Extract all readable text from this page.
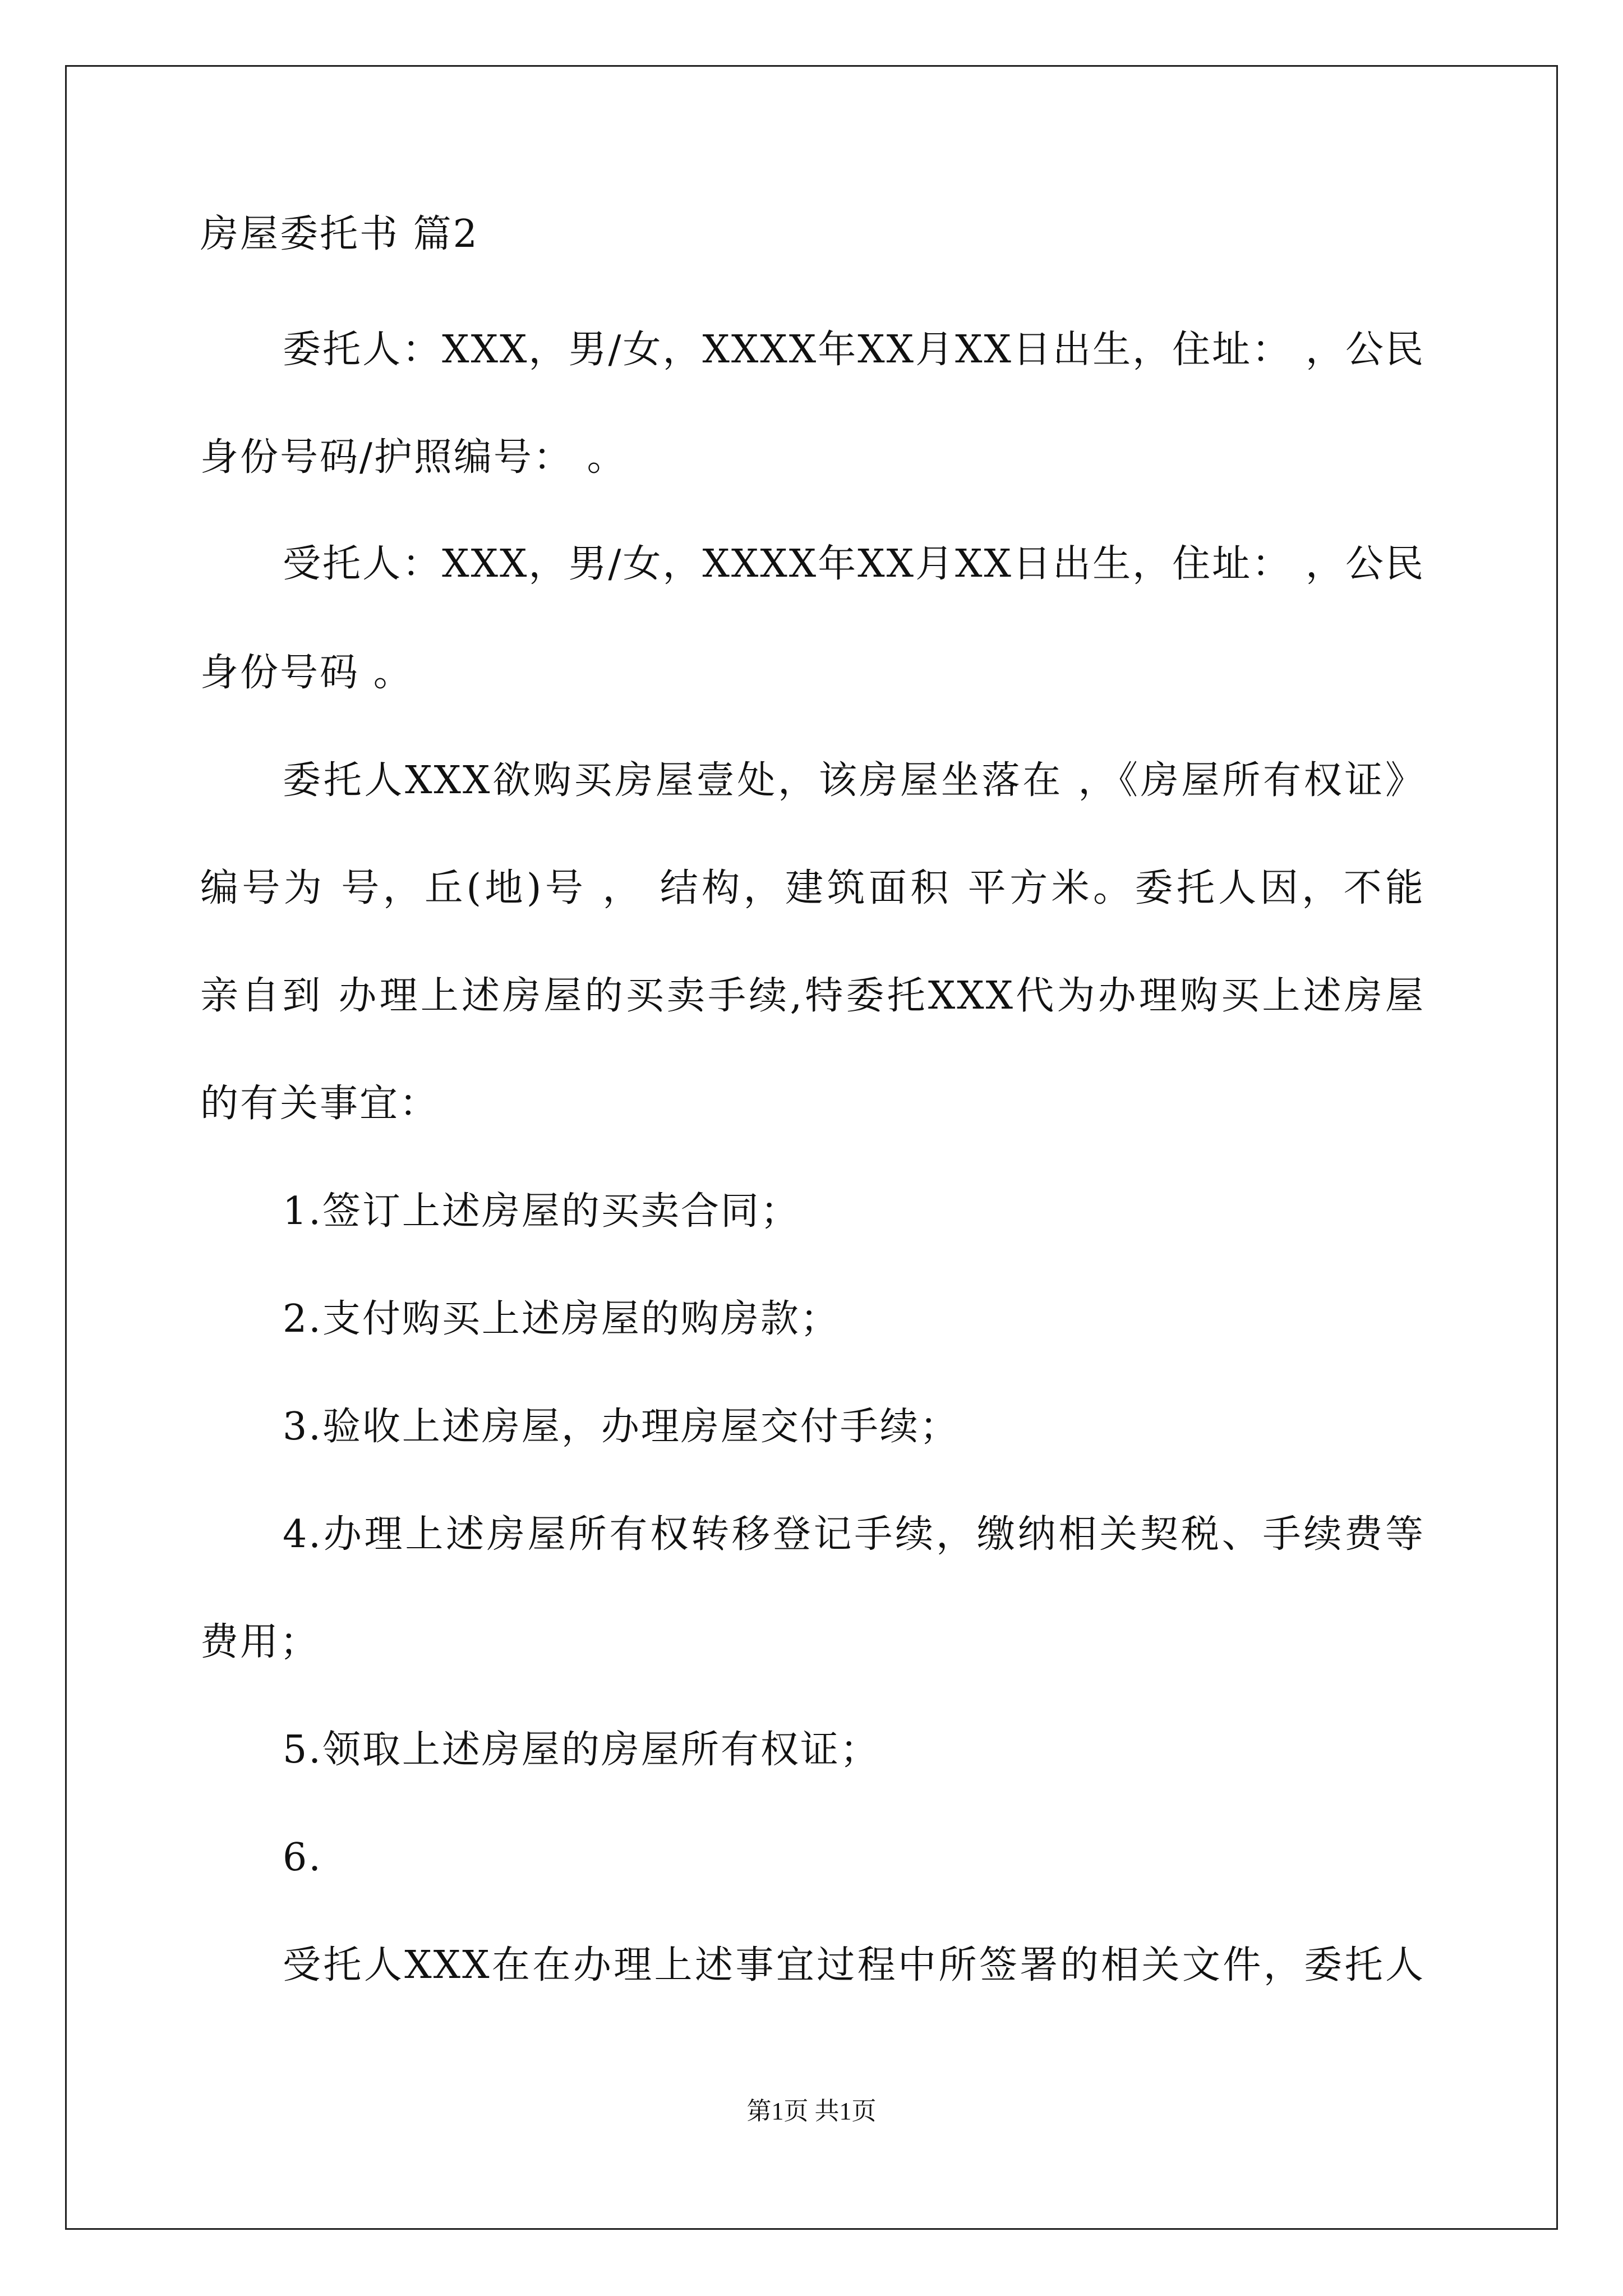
房屋委托书 篇2
委托人：XXX，男/女，XXXX年XX月XX日出生，住址： ，公民
身份号码/护照编号： 。
受托人：XXX，男/女，XXXX年XX月XX日出生，住址： ，公民
身份号码 。
委托人XXX欲购买房屋壹处，该房屋坐落在 ，《房屋所有权证》
编号为 号，丘(地)号 ， 结构，建筑面积 平方米。委托人因，不能
亲自到 办理上述房屋的买卖手续,特委托XXX代为办理购买上述房屋
的有关事宜：
1.签订上述房屋的买卖合同；
2.支付购买上述房屋的购房款；
3.验收上述房屋，办理房屋交付手续；
4.办理上述房屋所有权转移登记手续，缴纳相关契税、手续费等
费用；
5.领取上述房屋的房屋所有权证；
6.
受托人XXX在在办理上述事宜过程中所签署的相关文件，委托人
第1页 共1页
